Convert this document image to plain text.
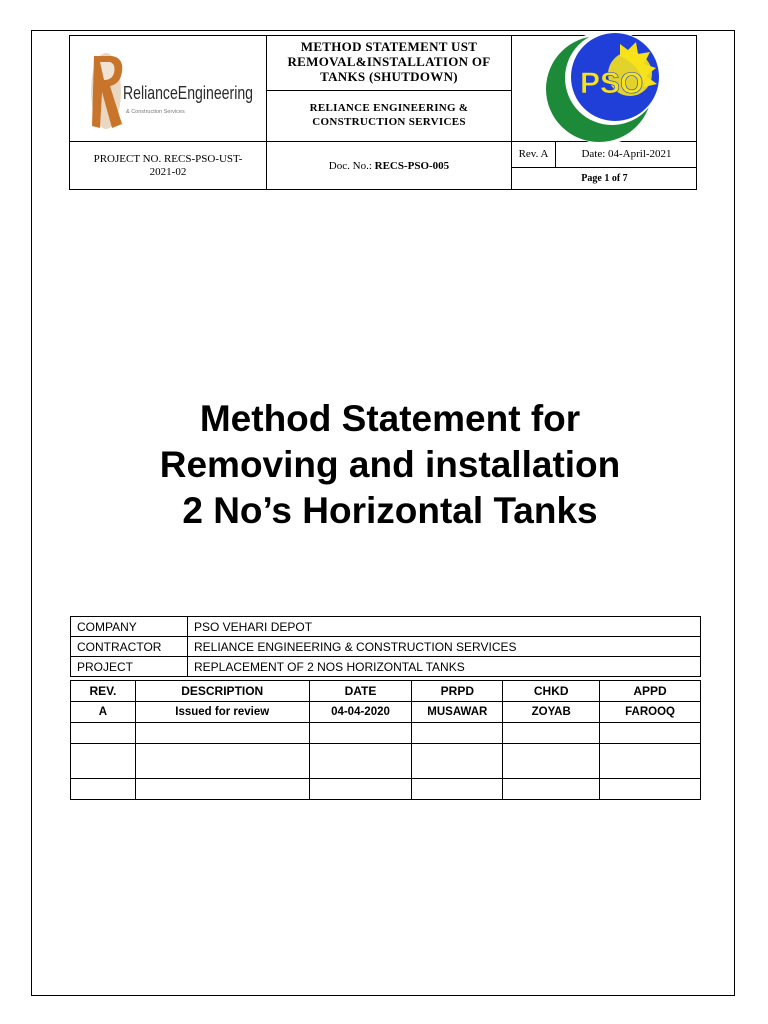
RelianceEngineering
& Construction Services
METHOD STATEMENT UST
REMOVAL&INSTALLATION OF
TANKS (SHUTDOWN)
RELIANCE ENGINEERING &
CONSTRUCTION SERVICES
PSO
PROJECT NO. RECS-PSO-UST-
2021-02	Doc. No.: RECS-PSO-005
Rev. A	Date: 04-April-2021
Page 1 of 7
Method Statement for
Removing and installation
2 No’s Horizontal Tanks
COMPANY	PSO VEHARI DEPOT
CONTRACTOR	RELIANCE ENGINEERING & CONSTRUCTION SERVICES
PROJECT	REPLACEMENT OF 2 NOS HORIZONTAL TANKS
REV.	DESCRIPTION	DATE	PRPD	CHKD	APPD
A	Issued for review	04-04-2020	MUSAWAR	ZOYAB	FAROOQ
